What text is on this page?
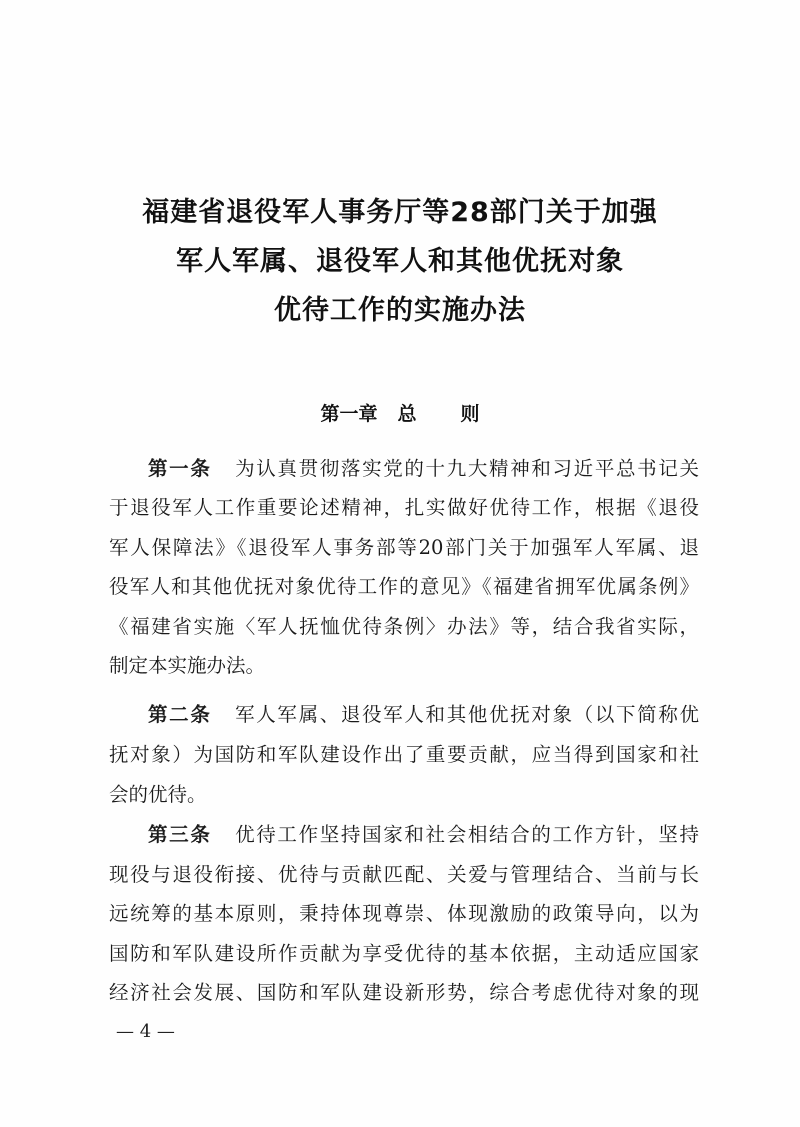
福建省退役军人事务厅等28部门关于加强
军人军属、退役军人和其他优抚对象
优待工作的实施办法
第一章 总 则
第一条 为认真贯彻落实党的十九大精神和习近平总书记关
于退役军人工作重要论述精神，扎实做好优待工作，根据《退役
军人保障法》《退役军人事务部等20部门关于加强军人军属、退
役军人和其他优抚对象优待工作的意见》《福建省拥军优属条例》
《福建省实施〈军人抚恤优待条例〉办法》等，结合我省实际，
制定本实施办法。
第二条 军人军属、退役军人和其他优抚对象（以下简称优
抚对象）为国防和军队建设作出了重要贡献，应当得到国家和社
会的优待。
第三条 优待工作坚持国家和社会相结合的工作方针，坚持
现役与退役衔接、优待与贡献匹配、关爱与管理结合、当前与长
远统筹的基本原则，秉持体现尊崇、体现激励的政策导向，以为
国防和军队建设所作贡献为享受优待的基本依据，主动适应国家
经济社会发展、国防和军队建设新形势，综合考虑优待对象的现
— 4 —
